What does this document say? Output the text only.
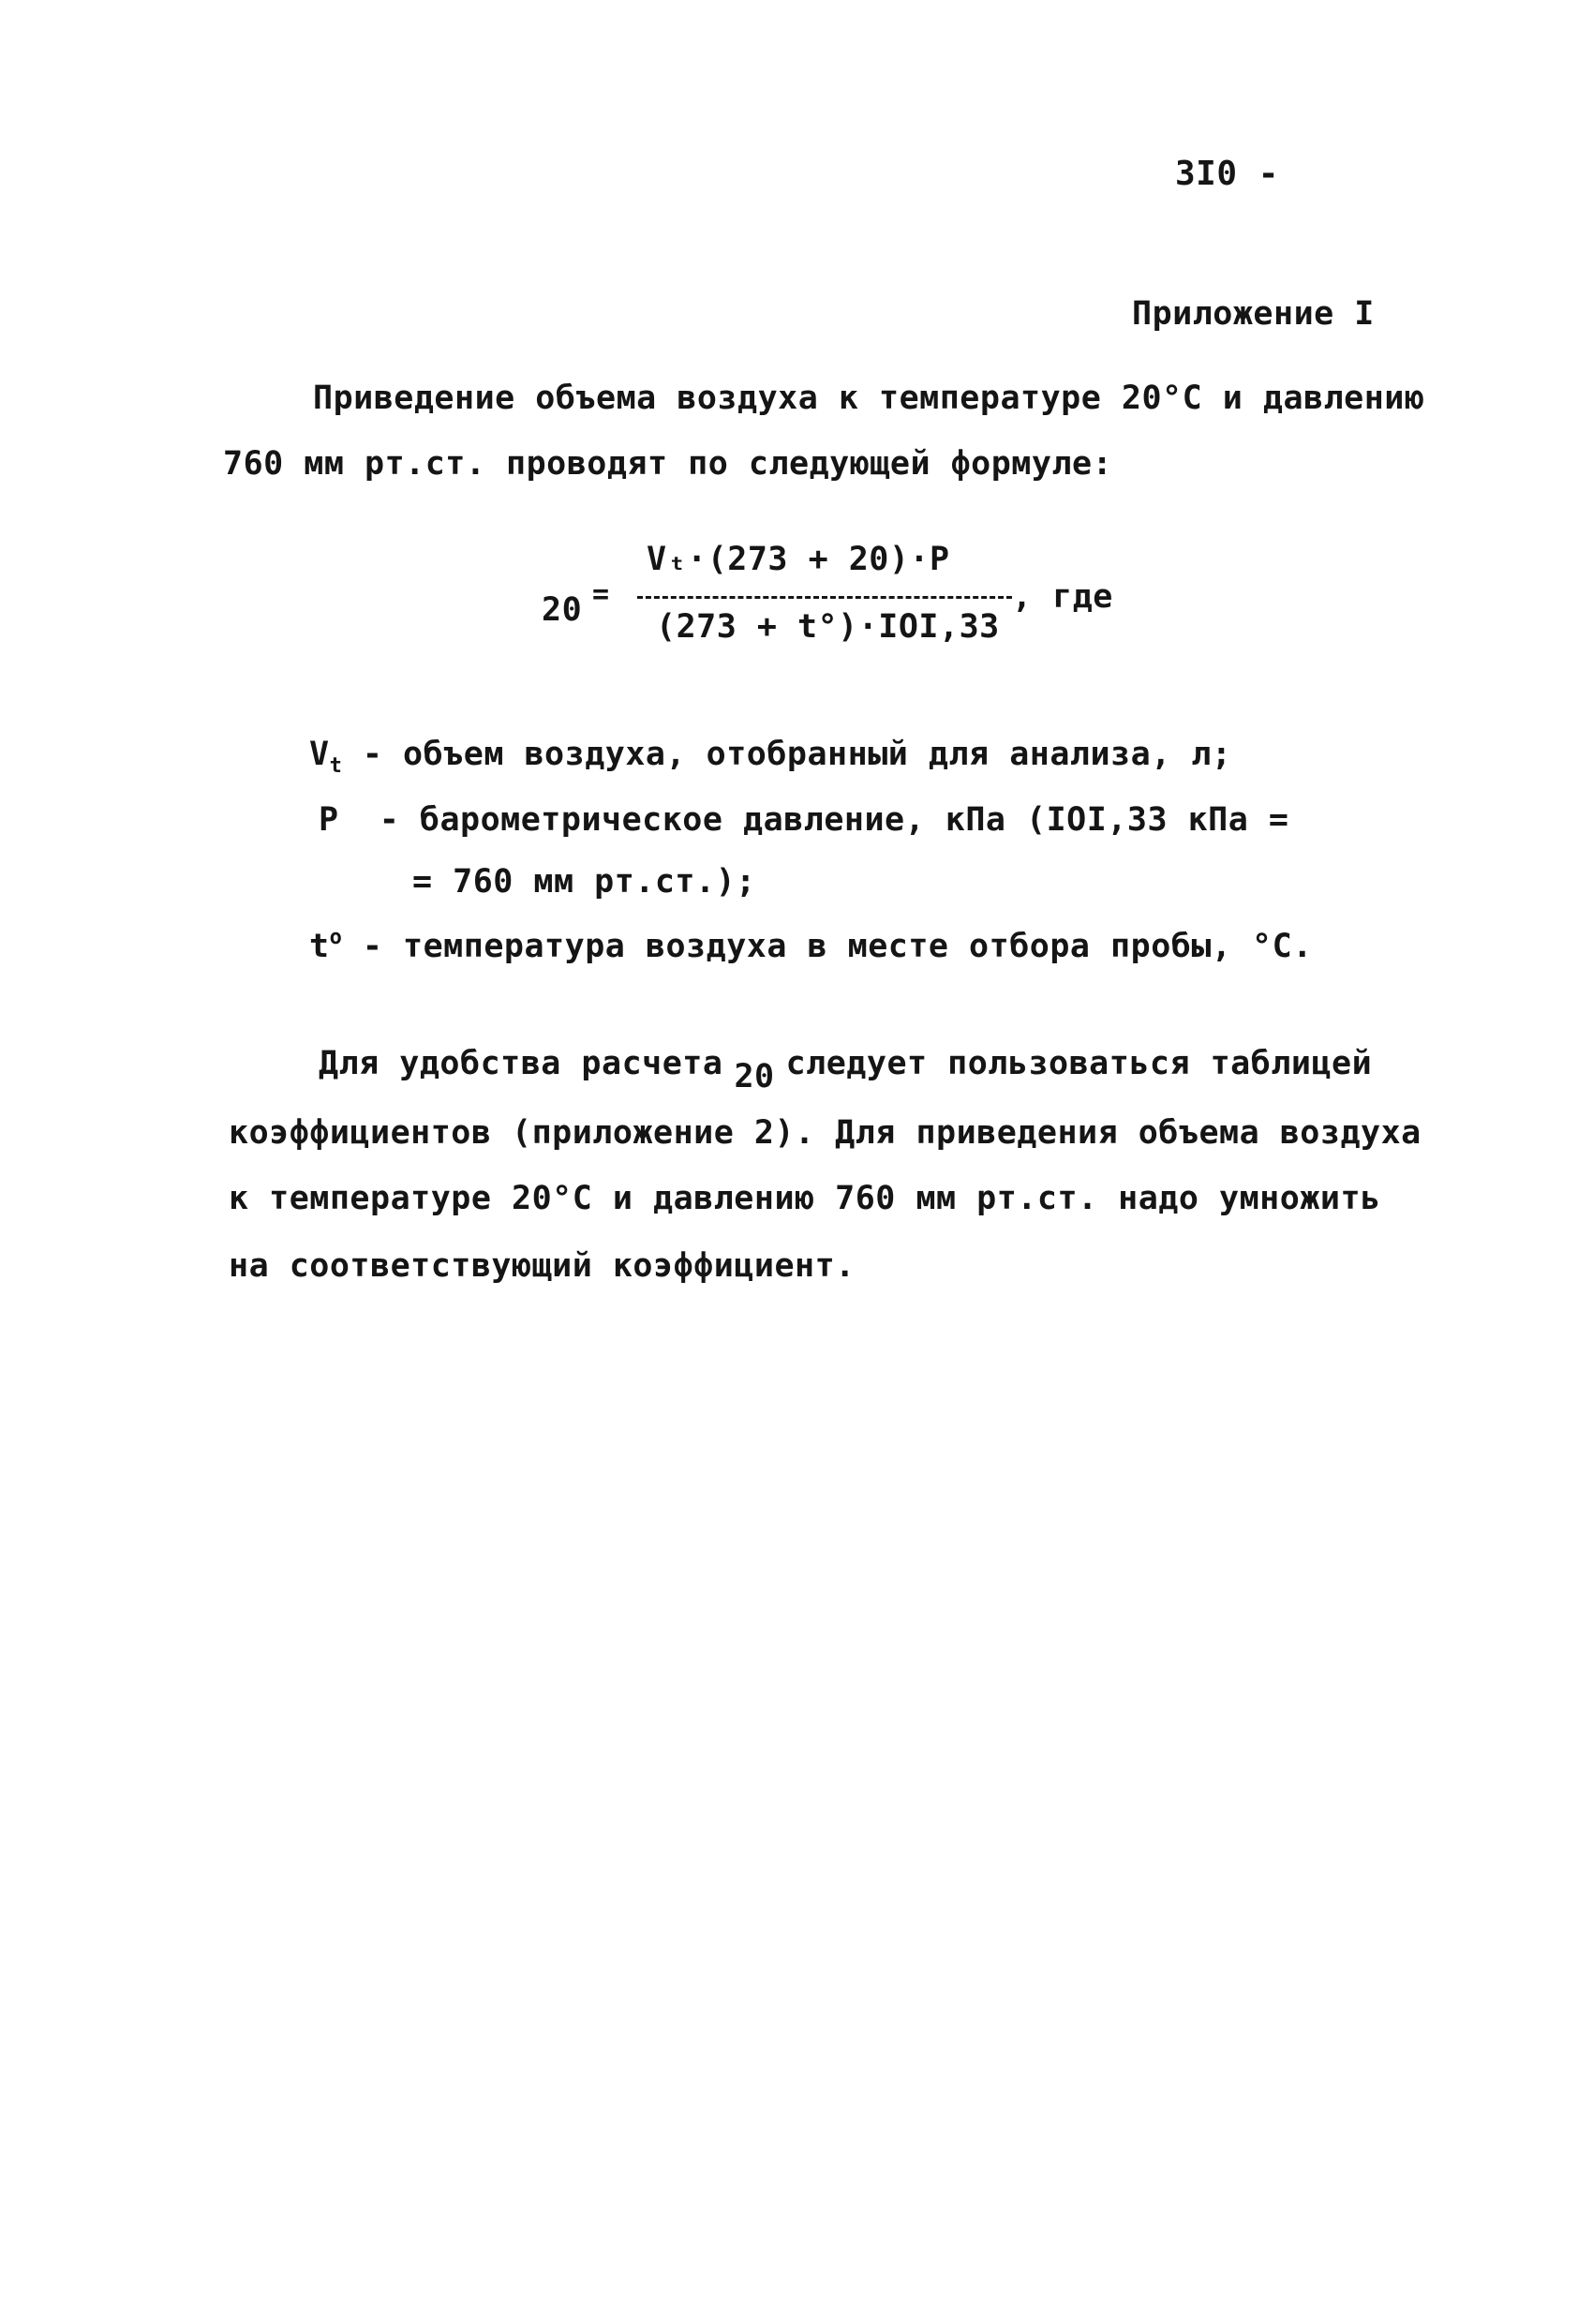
3I0 -
Приложение I
Приведение объема воздуха к температуре 20°С и давлению
760 мм рт.ст. проводят по следующей формуле:
20 =
Vₜ·(273 + 20)·P
(273 + t°)·IOI,33
, где
$V_t$ - объем воздуха, отобранный для анализа, л;
P - барометрическое давление, кПа (IOI,33 кПа =
= 760 мм рт.ст.);
$t^o$ - температура воздуха в месте отбора пробы, °С.
Для удобства расчета 20 следует пользоваться таблицей
коэффициентов (приложение 2). Для приведения объема воздуха
к температуре 20°С и давлению 760 мм рт.ст. надо умножить
на соответствующий коэффициент.
